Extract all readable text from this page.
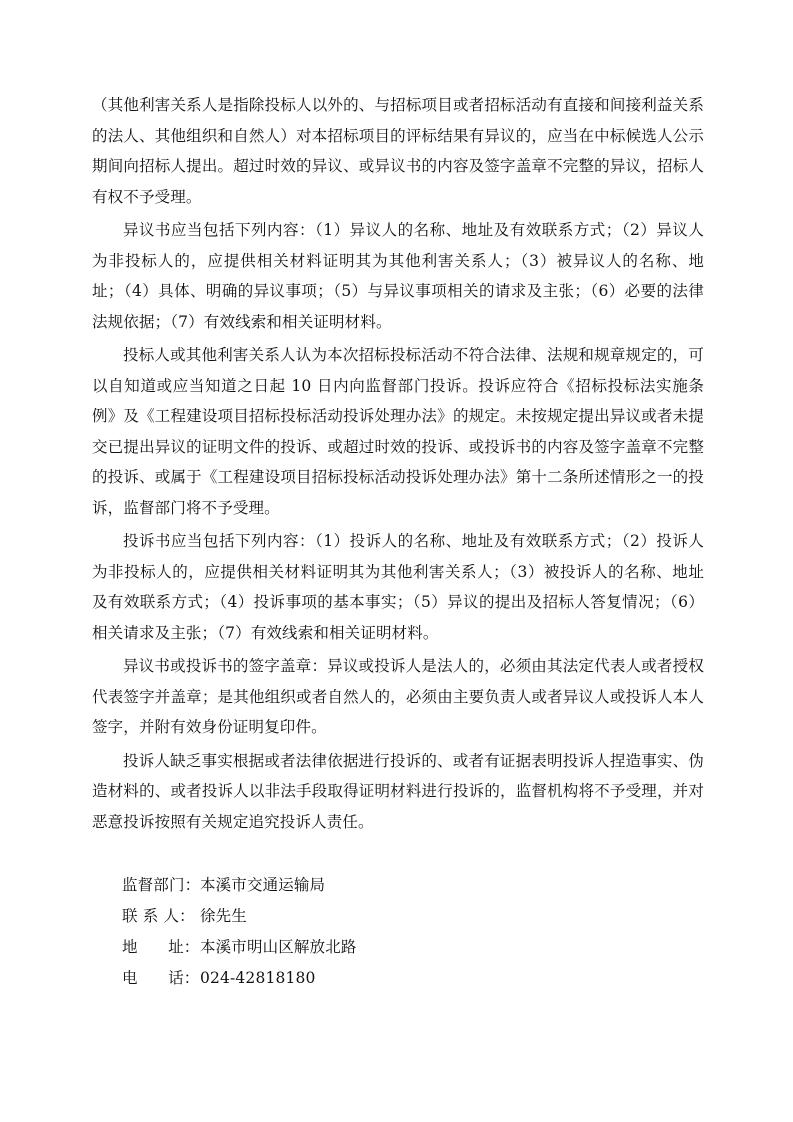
（其他利害关系人是指除投标人以外的、与招标项目或者招标活动有直接和间接利益关系的法人、其他组织和自然人）对本招标项目的评标结果有异议的，应当在中标候选人公示期间向招标人提出。超过时效的异议、或异议书的内容及签字盖章不完整的异议，招标人有权不予受理。

异议书应当包括下列内容：（1）异议人的名称、地址及有效联系方式；（2）异议人为非投标人的，应提供相关材料证明其为其他利害关系人；（3）被异议人的名称、地址；（4）具体、明确的异议事项；（5）与异议事项相关的请求及主张；（6）必要的法律法规依据；（7）有效线索和相关证明材料。

投标人或其他利害关系人认为本次招标投标活动不符合法律、法规和规章规定的，可以自知道或应当知道之日起 10 日内向监督部门投诉。投诉应符合《招标投标法实施条例》及《工程建设项目招标投标活动投诉处理办法》的规定。未按规定提出异议或者未提交已提出异议的证明文件的投诉、或超过时效的投诉、或投诉书的内容及签字盖章不完整的投诉、或属于《工程建设项目招标投标活动投诉处理办法》第十二条所述情形之一的投诉，监督部门将不予受理。

投诉书应当包括下列内容：（1）投诉人的名称、地址及有效联系方式；（2）投诉人为非投标人的，应提供相关材料证明其为其他利害关系人；（3）被投诉人的名称、地址及有效联系方式；（4）投诉事项的基本事实；（5）异议的提出及招标人答复情况；（6）相关请求及主张；（7）有效线索和相关证明材料。

异议书或投诉书的签字盖章：异议或投诉人是法人的，必须由其法定代表人或者授权代表签字并盖章；是其他组织或者自然人的，必须由主要负责人或者异议人或投诉人本人签字，并附有效身份证明复印件。

投诉人缺乏事实根据或者法律依据进行投诉的、或者有证据表明投诉人捏造事实、伪造材料的、或者投诉人以非法手段取得证明材料进行投诉的，监督机构将不予受理，并对恶意投诉按照有关规定追究投诉人责任。

监督部门： 本溪市交通运输局
联 系 人： 徐先生
地      址： 本溪市明山区解放北路
电      话： 024-42818180
